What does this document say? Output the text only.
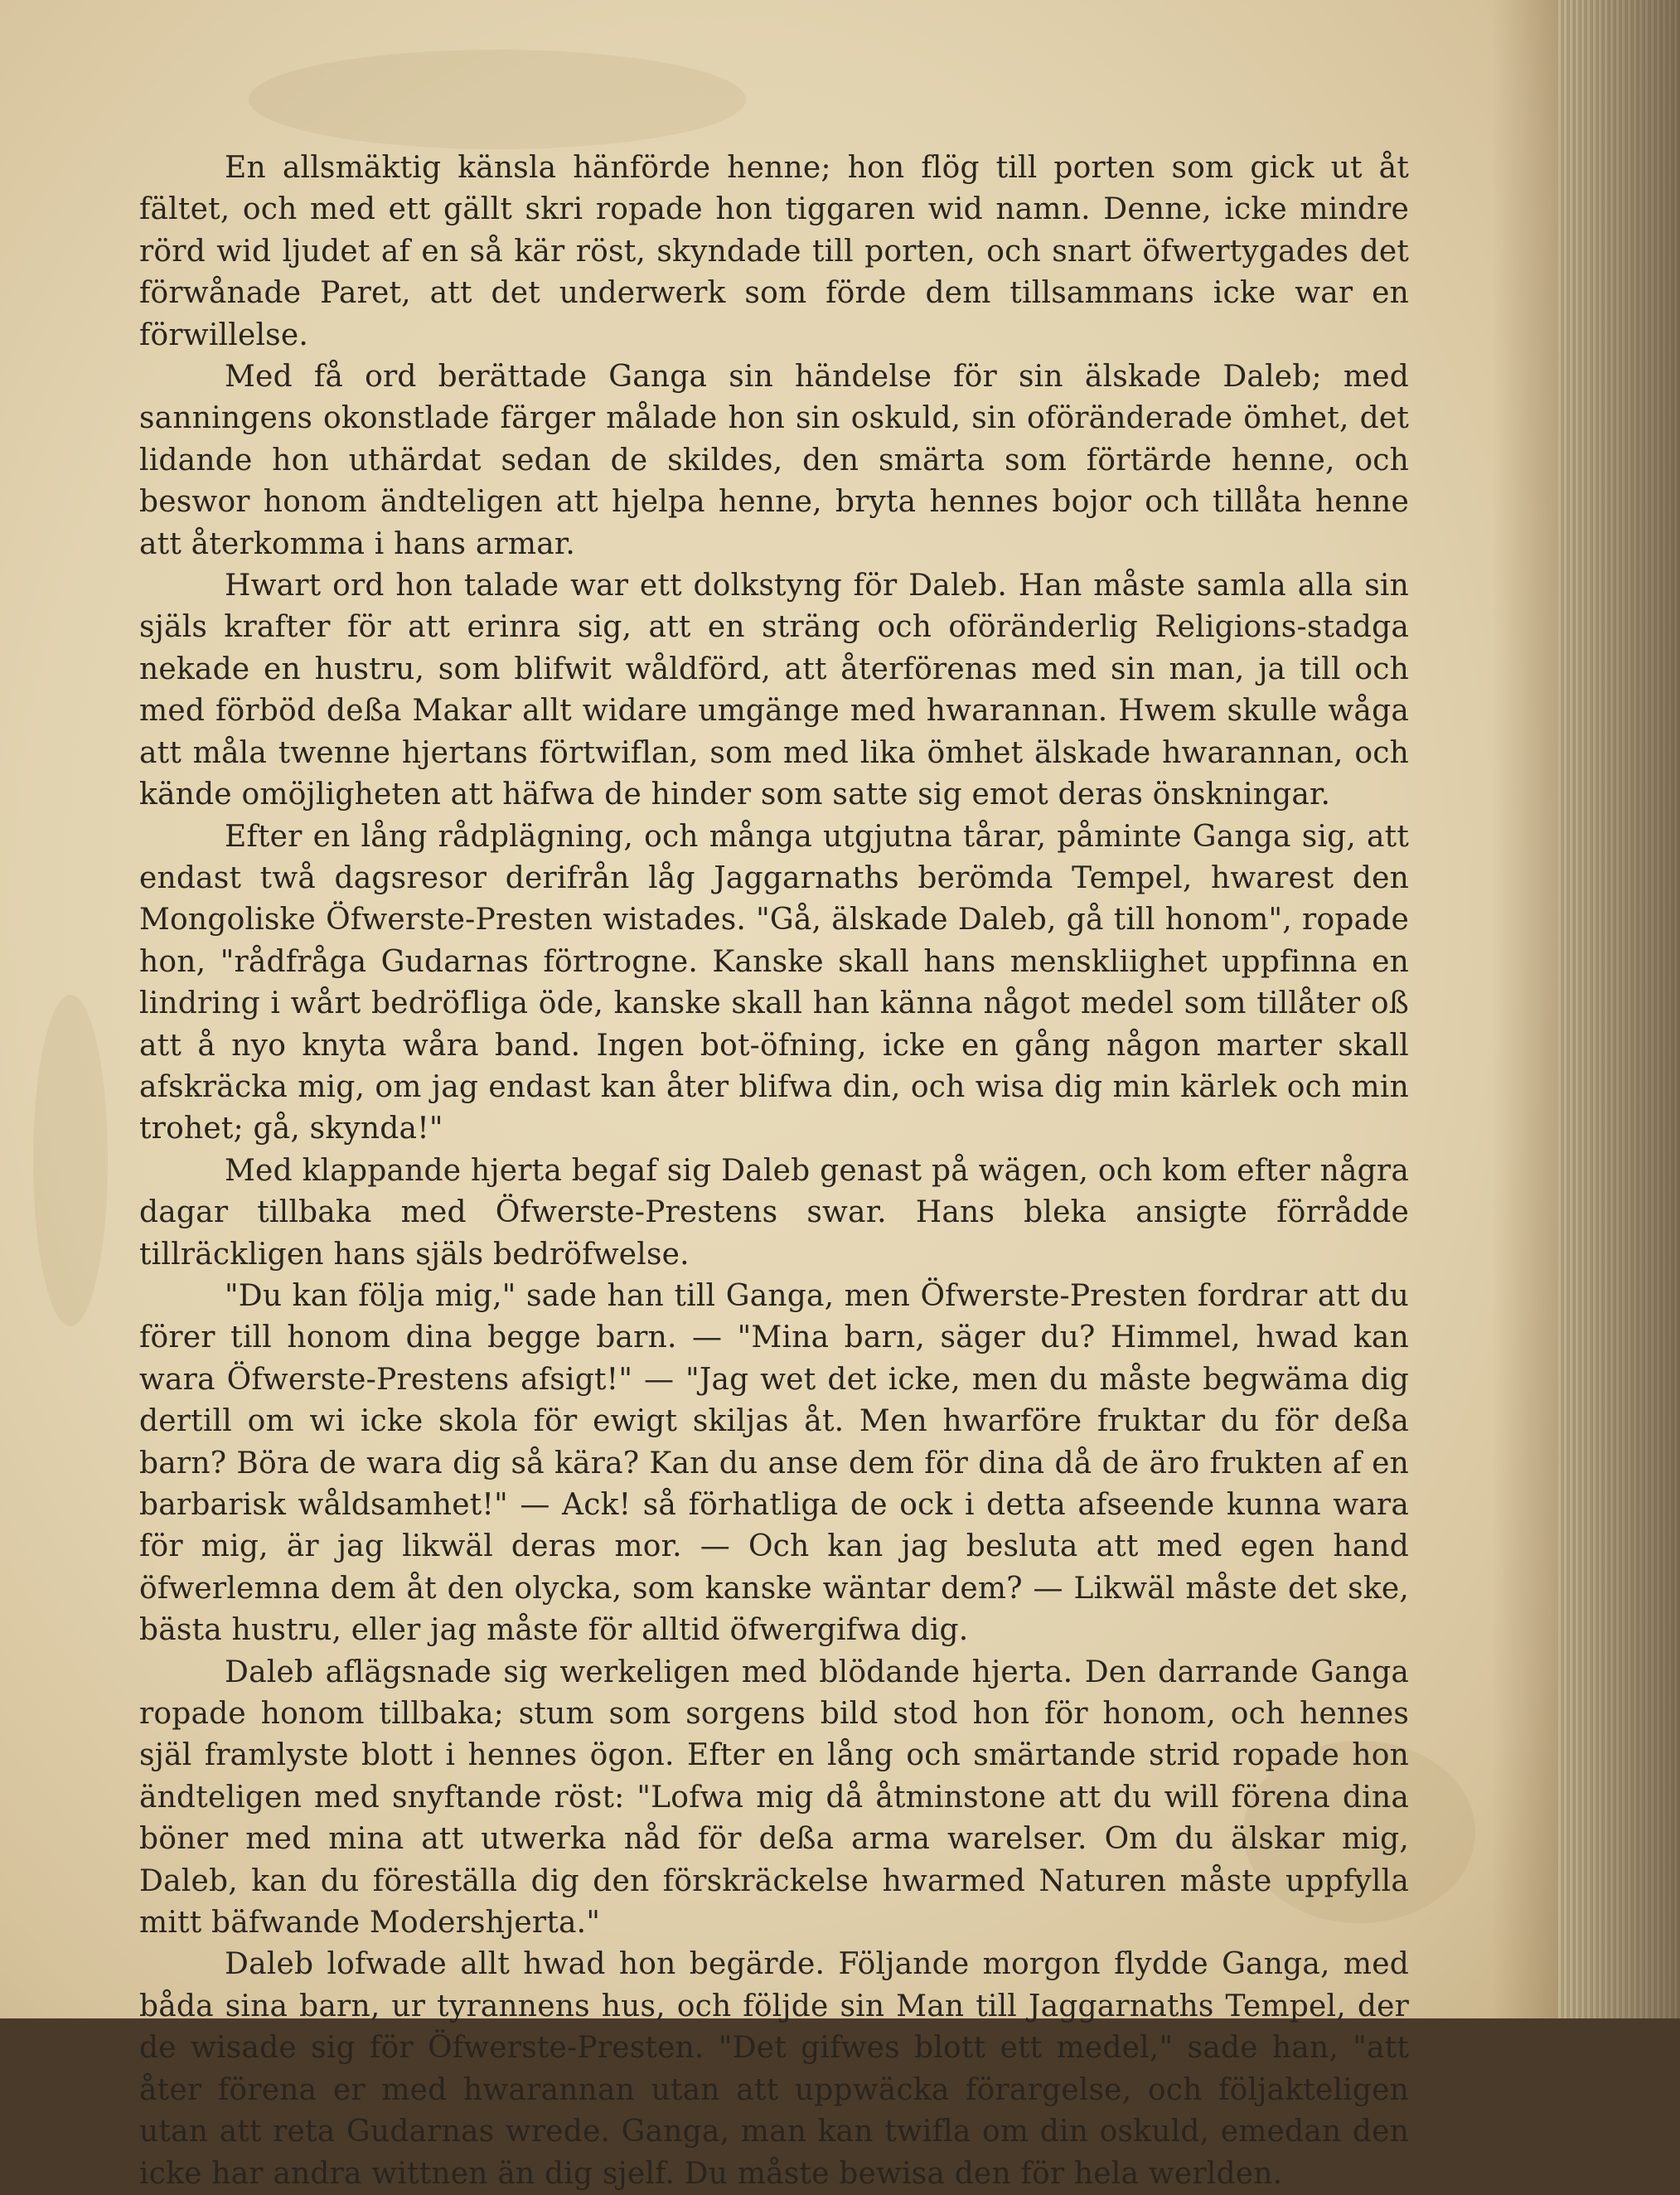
En allsmäktig känsla hänförde henne; hon flög till porten som gick ut åt fältet, och med ett gällt skri ropade hon tiggaren wid namn. Denne, icke mindre rörd wid ljudet af en så kär röst, skyndade till porten, och snart öfwertygades det förwånade Paret, att det underwerk som förde dem tillsammans icke war en förwillelse.

Med få ord berättade Ganga sin händelse för sin älskade Daleb; med sanningens okonstlade färger målade hon sin oskuld, sin oföränderade ömhet, det lidande hon uthärdat sedan de skildes, den smärta som förtärde henne, och beswor honom ändteligen att hjelpa henne, bryta hennes bojor och tillåta henne att återkomma i hans armar.

Hwart ord hon talade war ett dolkstyng för Daleb. Han måste samla alla sin själs krafter för att erinra sig, att en sträng och oföränderlig Religions-stadga nekade en hustru, som blifwit wåldförd, att återförenas med sin man, ja till och med förböd deßa Makar allt widare umgänge med hwarannan. Hwem skulle wåga att måla twenne hjertans förtwiflan, som med lika ömhet älskade hwarannan, och kände omöjligheten att häfwa de hinder som satte sig emot deras önskningar.

Efter en lång rådplägning, och många utgjutna tårar, påminte Ganga sig, att endast twå dagsresor derifrån låg Jaggarnaths berömda Tempel, hwarest den Mongoliske Öfwerste-Presten wistades. "Gå, älskade Daleb, gå till honom", ropade hon, "rådfråga Gudarnas förtrogne. Kanske skall hans menskliighet uppfinna en lindring i wårt bedröfliga öde, kanske skall han känna något medel som tillåter oß att å nyo knyta wåra band. Ingen bot-öfning, icke en gång någon marter skall afskräcka mig, om jag endast kan åter blifwa din, och wisa dig min kärlek och min trohet; gå, skynda!"

Med klappande hjerta begaf sig Daleb genast på wägen, och kom efter några dagar tillbaka med Öfwerste-Prestens swar. Hans bleka ansigte förrådde tillräckligen hans själs bedröfwelse.

"Du kan följa mig," sade han till Ganga, men Öfwerste-Presten fordrar att du förer till honom dina begge barn. — "Mina barn, säger du? Himmel, hwad kan wara Öfwerste-Prestens afsigt!" — "Jag wet det icke, men du måste begwäma dig dertill om wi icke skola för ewigt skiljas åt. Men hwarföre fruktar du för deßa barn? Böra de wara dig så kära? Kan du anse dem för dina då de äro frukten af en barbarisk wåldsamhet!" — Ack! så förhatliga de ock i detta afseende kunna wara för mig, är jag likwäl deras mor. — Och kan jag besluta att med egen hand öfwerlemna dem åt den olycka, som kanske wäntar dem? — Likwäl måste det ske, bästa hustru, eller jag måste för alltid öfwergifwa dig.

Daleb aflägsnade sig werkeligen med blödande hjerta. Den darrande Ganga ropade honom tillbaka; stum som sorgens bild stod hon för honom, och hennes själ framlyste blott i hennes ögon. Efter en lång och smärtande strid ropade hon ändteligen med snyftande röst: "Lofwa mig då åtminstone att du will förena dina böner med mina att utwerka nåd för deßa arma warelser. Om du älskar mig, Daleb, kan du föreställa dig den förskräckelse hwarmed Naturen måste uppfylla mitt bäfwande Modershjerta."

Daleb lofwade allt hwad hon begärde. Följande morgon flydde Ganga, med båda sina barn, ur tyrannens hus, och följde sin Man till Jaggarnaths Tempel, der de wisade sig för Öfwerste-Presten. "Det gifwes blott ett medel," sade han, "att åter förena er med hwarannan utan att uppwäcka förargelse, och följakteligen utan att reta Gudarnas wrede. Ganga, man kan twifla om din oskuld, emedan den icke har andra wittnen än dig sjelf. Du måste bewisa den för hela werlden.
